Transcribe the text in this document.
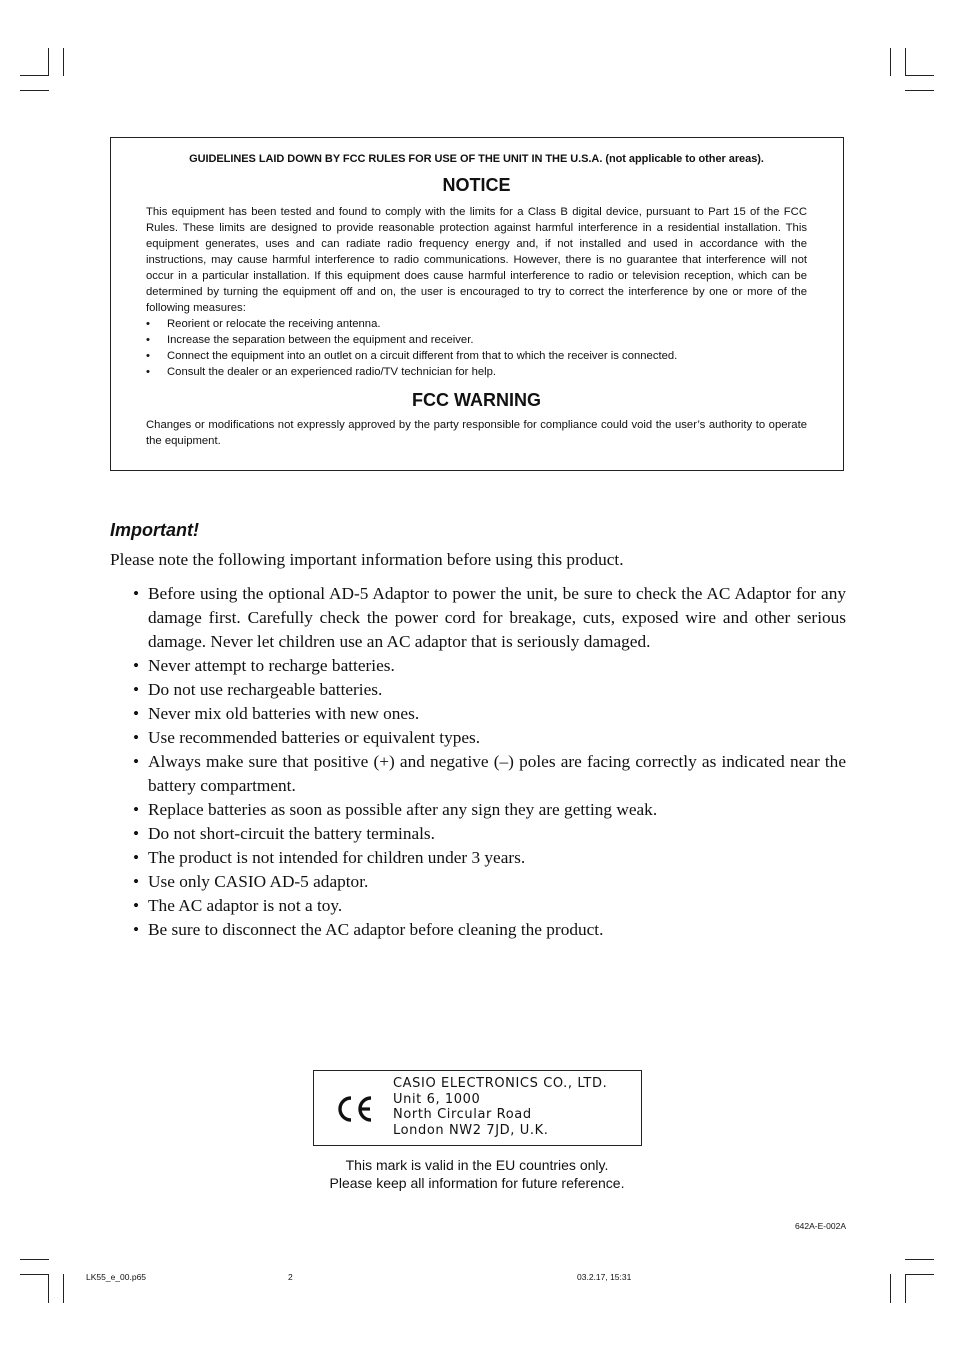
GUIDELINES LAID DOWN BY FCC RULES FOR USE OF THE UNIT IN THE U.S.A. (not applicable to other areas).

NOTICE

This equipment has been tested and found to comply with the limits for a Class B digital device, pursuant to Part 15 of the FCC Rules. These limits are designed to provide reasonable protection against harmful interference in a residential installation. This equipment generates, uses and can radiate radio frequency energy and, if not installed and used in accordance with the instructions, may cause harmful interference to radio communications. However, there is no guarantee that interference will not occur in a particular installation. If this equipment does cause harmful interference to radio or television reception, which can be determined by turning the equipment off and on, the user is encouraged to try to correct the interference by one or more of the following measures:

• Reorient or relocate the receiving antenna.
• Increase the separation between the equipment and receiver.
• Connect the equipment into an outlet on a circuit different from that to which the receiver is connected.
• Consult the dealer or an experienced radio/TV technician for help.

FCC WARNING

Changes or modifications not expressly approved by the party responsible for compliance could void the user’s authority to operate the equipment.

Important!

Please note the following important information before using this product.

• Before using the optional AD-5 Adaptor to power the unit, be sure to check the AC Adaptor for any damage first. Carefully check the power cord for breakage, cuts, exposed wire and other serious damage. Never let children use an AC adaptor that is seriously damaged.
• Never attempt to recharge batteries.
• Do not use rechargeable batteries.
• Never mix old batteries with new ones.
• Use recommended batteries or equivalent types.
• Always make sure that positive (+) and negative (–) poles are facing correctly as indicated near the battery compartment.
• Replace batteries as soon as possible after any sign they are getting weak.
• Do not short-circuit the battery terminals.
• The product is not intended for children under 3 years.
• Use only CASIO AD-5 adaptor.
• The AC adaptor is not a toy.
• Be sure to disconnect the AC adaptor before cleaning the product.
CASIO ELECTRONICS CO., LTD.
Unit 6, 1000
North Circular Road
London NW2 7JD, U.K.
This mark is valid in the EU countries only.
Please keep all information for future reference.
642A-E-002A
LK55_e_00.p65	2	03.2.17, 15:31
